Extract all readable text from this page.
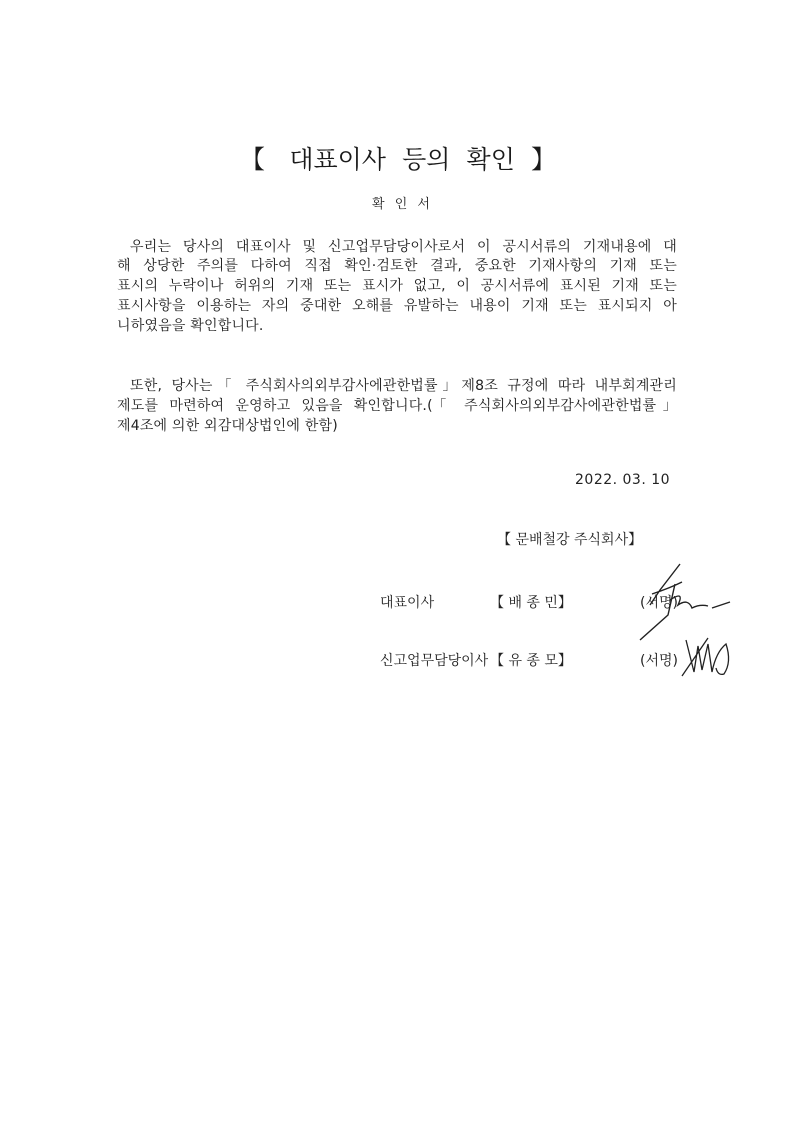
【 대표이사 등의 확인 】
확 인 서
우리는 당사의 대표이사 및 신고업무담당이사로서 이 공시서류의 기재내용에 대
해 상당한 주의를 다하여 직접 확인·검토한 결과, 중요한 기재사항의 기재 또는
표시의 누락이나 허위의 기재 또는 표시가 없고, 이 공시서류에 표시된 기재 또는
표시사항을 이용하는 자의 중대한 오해를 유발하는 내용이 기재 또는 표시되지 아
니하였음을 확인합니다.
또한, 당사는「 주식회사의외부감사에관한법률」제8조 규정에 따라 내부회계관리
제도를 마련하여 운영하고 있음을 확인합니다.(「 주식회사의외부감사에관한법률」
제4조에 의한 외감대상법인에 한함)
2022. 03. 10
【 문배철강 주식회사】
대표이사	【 배 종 민】	(서명)
신고업무담당이사 【 유 종 모】	(서명)
